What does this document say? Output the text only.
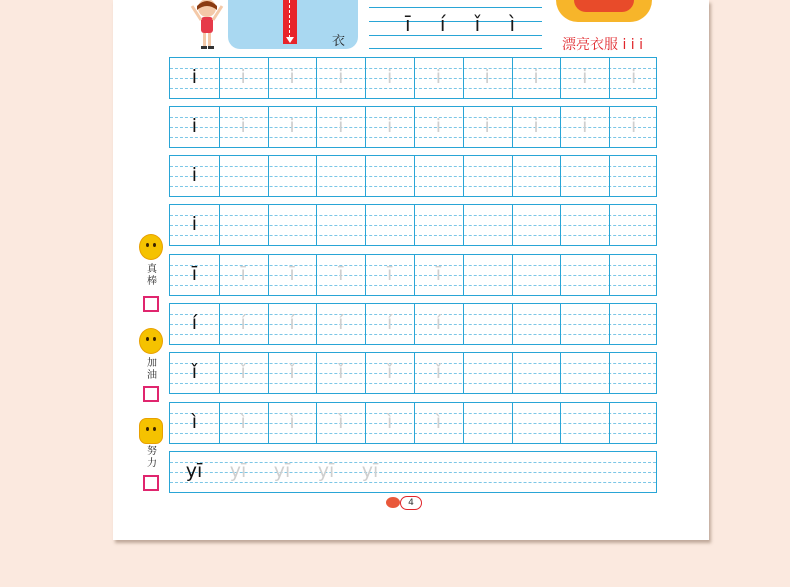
衣
ī í ǐ ì
漂亮衣服 i i i
i	i	i	i	i	i	i	i	i	i
i	i	i	i	i	i	i	i	i	i
i
i
ī	ī	ī	ī	ī	ī
í	í	í	í	í	í
ǐ	ǐ	ǐ	ǐ	ǐ	ǐ
ì	ì	ì	ì	ì	ì
yī	yī	yī	yī	yī
真棒
加油
努力
4
